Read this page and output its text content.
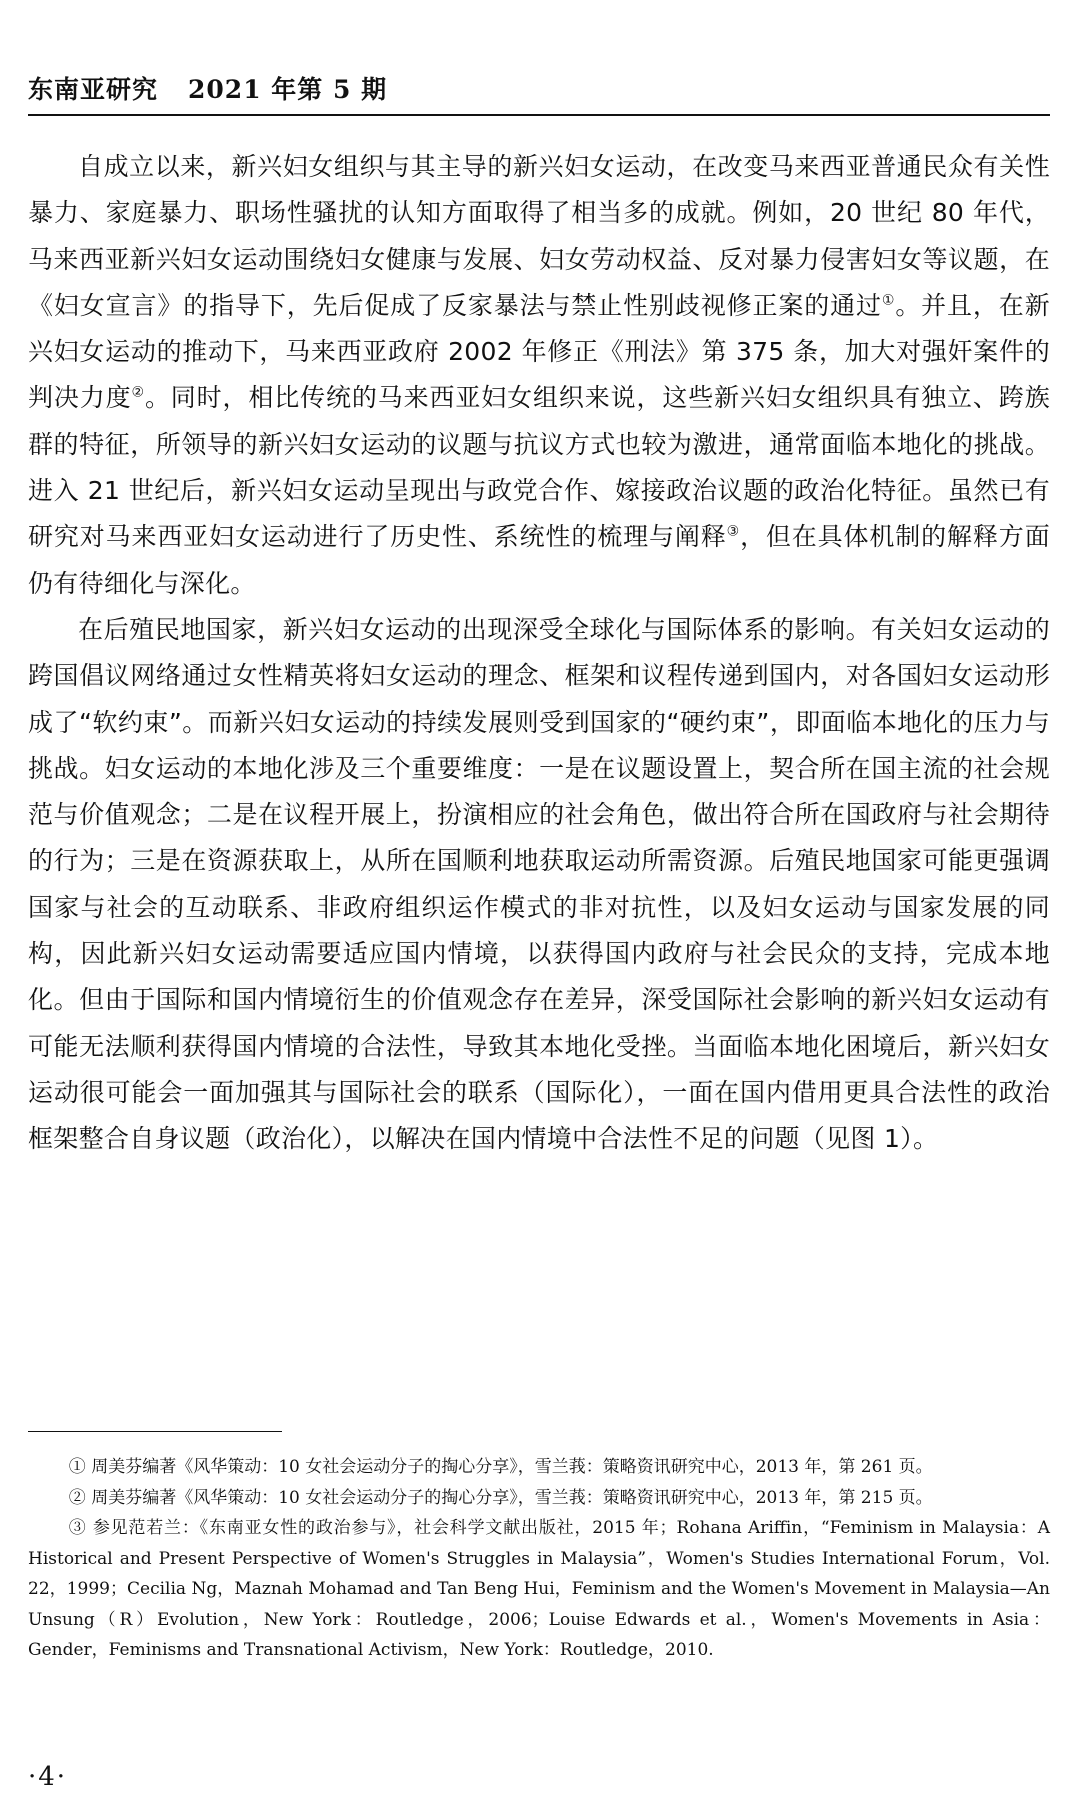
东南亚研究 2021 年第 5 期

自成立以来，新兴妇女组织与其主导的新兴妇女运动，在改变马来西亚普通民众有关性暴力、家庭暴力、职场性骚扰的认知方面取得了相当多的成就。例如，20 世纪 80 年代，马来西亚新兴妇女运动围绕妇女健康与发展、妇女劳动权益、反对暴力侵害妇女等议题，在《妇女宣言》的指导下，先后促成了反家暴法与禁止性别歧视修正案的通过①。并且，在新兴妇女运动的推动下，马来西亚政府 2002 年修正《刑法》第 375 条，加大对强奸案件的判决力度②。同时，相比传统的马来西亚妇女组织来说，这些新兴妇女组织具有独立、跨族群的特征，所领导的新兴妇女运动的议题与抗议方式也较为激进，通常面临本地化的挑战。进入 21 世纪后，新兴妇女运动呈现出与政党合作、嫁接政治议题的政治化特征。虽然已有研究对马来西亚妇女运动进行了历史性、系统性的梳理与阐释③，但在具体机制的解释方面仍有待细化与深化。

在后殖民地国家，新兴妇女运动的出现深受全球化与国际体系的影响。有关妇女运动的跨国倡议网络通过女性精英将妇女运动的理念、框架和议程传递到国内，对各国妇女运动形成了“软约束”。而新兴妇女运动的持续发展则受到国家的“硬约束”，即面临本地化的压力与挑战。妇女运动的本地化涉及三个重要维度：一是在议题设置上，契合所在国主流的社会规范与价值观念；二是在议程开展上，扮演相应的社会角色，做出符合所在国政府与社会期待的行为；三是在资源获取上，从所在国顺利地获取运动所需资源。后殖民地国家可能更强调国家与社会的互动联系、非政府组织运作模式的非对抗性，以及妇女运动与国家发展的同构，因此新兴妇女运动需要适应国内情境，以获得国内政府与社会民众的支持，完成本地化。但由于国际和国内情境衍生的价值观念存在差异，深受国际社会影响的新兴妇女运动有可能无法顺利获得国内情境的合法性，导致其本地化受挫。当面临本地化困境后，新兴妇女运动很可能会一面加强其与国际社会的联系（国际化），一面在国内借用更具合法性的政治框架整合自身议题（政治化），以解决在国内情境中合法性不足的问题（见图 1）。

① 周美芬编著《风华策动：10 女社会运动分子的掏心分享》，雪兰莪：策略资讯研究中心，2013 年，第 261 页。

② 周美芬编著《风华策动：10 女社会运动分子的掏心分享》，雪兰莪：策略资讯研究中心，2013 年，第 215 页。

③ 参见范若兰：《东南亚女性的政治参与》，社会科学文献出版社，2015 年；Rohana Ariffin，“Feminism in Malaysia：A Historical and Present Perspective of Women's Struggles in Malaysia”，Women's Studies International Forum，Vol. 22，1999；Cecilia Ng，Maznah Mohamad and Tan Beng Hui，Feminism and the Women's Movement in Malaysia—An Unsung（R）Evolution，New York：Routledge，2006；Louise Edwards et al.，Women's Movements in Asia：Gender，Feminisms and Transnational Activism，New York：Routledge，2010.

·4·
